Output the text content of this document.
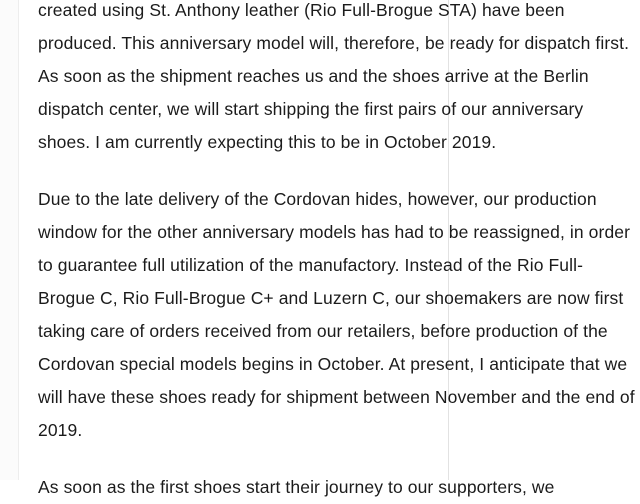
created using St. Anthony leather (Rio Full-Brogue STA) have been produced. This anniversary model will, therefore, be ready for dispatch first. As soon as the shipment reaches us and the shoes arrive at the Berlin dispatch center, we will start shipping the first pairs of our anniversary shoes. I am currently expecting this to be in October 2019.

Due to the late delivery of the Cordovan hides, however, our production window for the other anniversary models has had to be reassigned, in order to guarantee full utilization of the manufactory. Instead of the Rio Full-Brogue C, Rio Full-Brogue C+ and Luzern C, our shoemakers are now first taking care of orders received from our retailers, before production of the Cordovan special models begins in October. At present, I anticipate that we will have these shoes ready for shipment between November and the end of 2019.

As soon as the first shoes start their journey to our supporters, we
